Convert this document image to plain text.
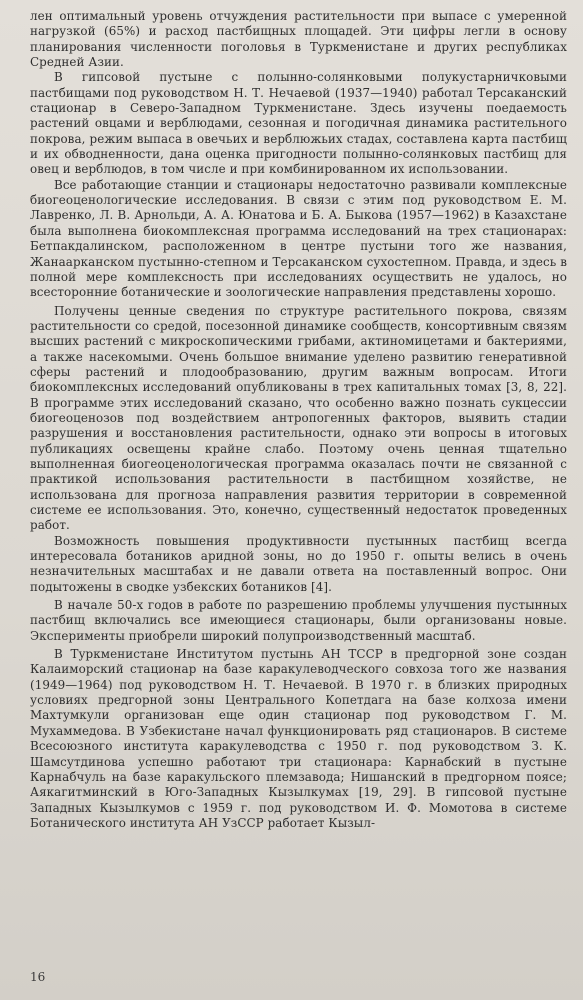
лен оптимальный уровень отчуждения растительности при выпасе с умеренной нагрузкой (65%) и расход пастбищных площадей. Эти цифры легли в основу планирования численности поголовья в Туркменистане и других республиках Средней Азии.

В гипсовой пустыне с полынно-солянковыми полукустарничковыми пастбищами под руководством Н. Т. Нечаевой (1937—1940) работал Терсаканский стационар в Северо-Западном Туркменистане. Здесь изучены поедаемость растений овцами и верблюдами, сезонная и погодичная динамика растительного покрова, режим выпаса в овечьих и верблюжьих стадах, составлена карта пастбищ и их обводненности, дана оценка пригодности полынно-солянковых пастбищ для овец и верблюдов, в том числе и при комбинированном их использовании.

Все работающие станции и стационары недостаточно развивали комплексные биогеоценологические исследования. В связи с этим под руководством Е. М. Лавренко, Л. В. Арнольди, А. А. Юнатова и Б. А. Быкова (1957—1962) в Казахстане была выполнена биокомплексная программа исследований на трех стационарах: Бетпакдалинском, расположенном в центре пустыни того же названия, Жанаарканском пустынно-степном и Терсаканском сухостепном. Правда, и здесь в полной мере комплексность при исследованиях осуществить не удалось, но всесторонние ботанические и зоологические направления представлены хорошо.

Получены ценные сведения по структуре растительного покрова, связям растительности со средой, посезонной динамике сообществ, консортивным связям высших растений с микроскопическими грибами, актиномицетами и бактериями, а также насекомыми. Очень большое внимание уделено развитию генеративной сферы растений и плодообразованию, другим важным вопросам. Итоги биокомплексных исследований опубликованы в трех капитальных томах [3, 8, 22]. В программе этих исследований сказано, что особенно важно познать сукцессии биогеоценозов под воздействием антропогенных факторов, выявить стадии разрушения и восстановления растительности, однако эти вопросы в итоговых публикациях освещены крайне слабо. Поэтому очень ценная тщательно выполненная биогеоценологическая программа оказалась почти не связанной с практикой использования растительности в пастбищном хозяйстве, не использована для прогноза направления развития территории в современной системе ее использования. Это, конечно, существенный недостаток проведенных работ.

Возможность повышения продуктивности пустынных пастбищ всегда интересовала ботаников аридной зоны, но до 1950 г. опыты велись в очень незначительных масштабах и не давали ответа на поставленный вопрос. Они подытожены в сводке узбекских ботаников [4].

В начале 50-х годов в работе по разрешению проблемы улучшения пустынных пастбищ включались все имеющиеся стационары, были организованы новые. Эксперименты приобрели широкий полупроизводственный масштаб.

В Туркменистане Институтом пустынь АН ТССР в предгорной зоне создан Калаиморский стационар на базе каракулеводческого совхоза того же названия (1949—1964) под руководством Н. Т. Нечаевой. В 1970 г. в близких природных условиях предгорной зоны Центрального Копетдага на базе колхоза имени Махтумкули организован еще один стационар под руководством Г. М. Мухаммедова. В Узбекистане начал функционировать ряд стационаров. В системе Всесоюзного института каракулеводства с 1950 г. под руководством З. К. Шамсутдинова успешно работают три стационара: Карнабский в пустыне Карнабчуль на базе каракульского племзавода; Нишанский в предгорном поясе; Аякагитминский в Юго-Западных Кызылкумах [19, 29]. В гипсовой пустыне Западных Кызылкумов с 1959 г. под руководством И. Ф. Момотова в системе Ботанического института АН УзССР работает Кызыл-

16
